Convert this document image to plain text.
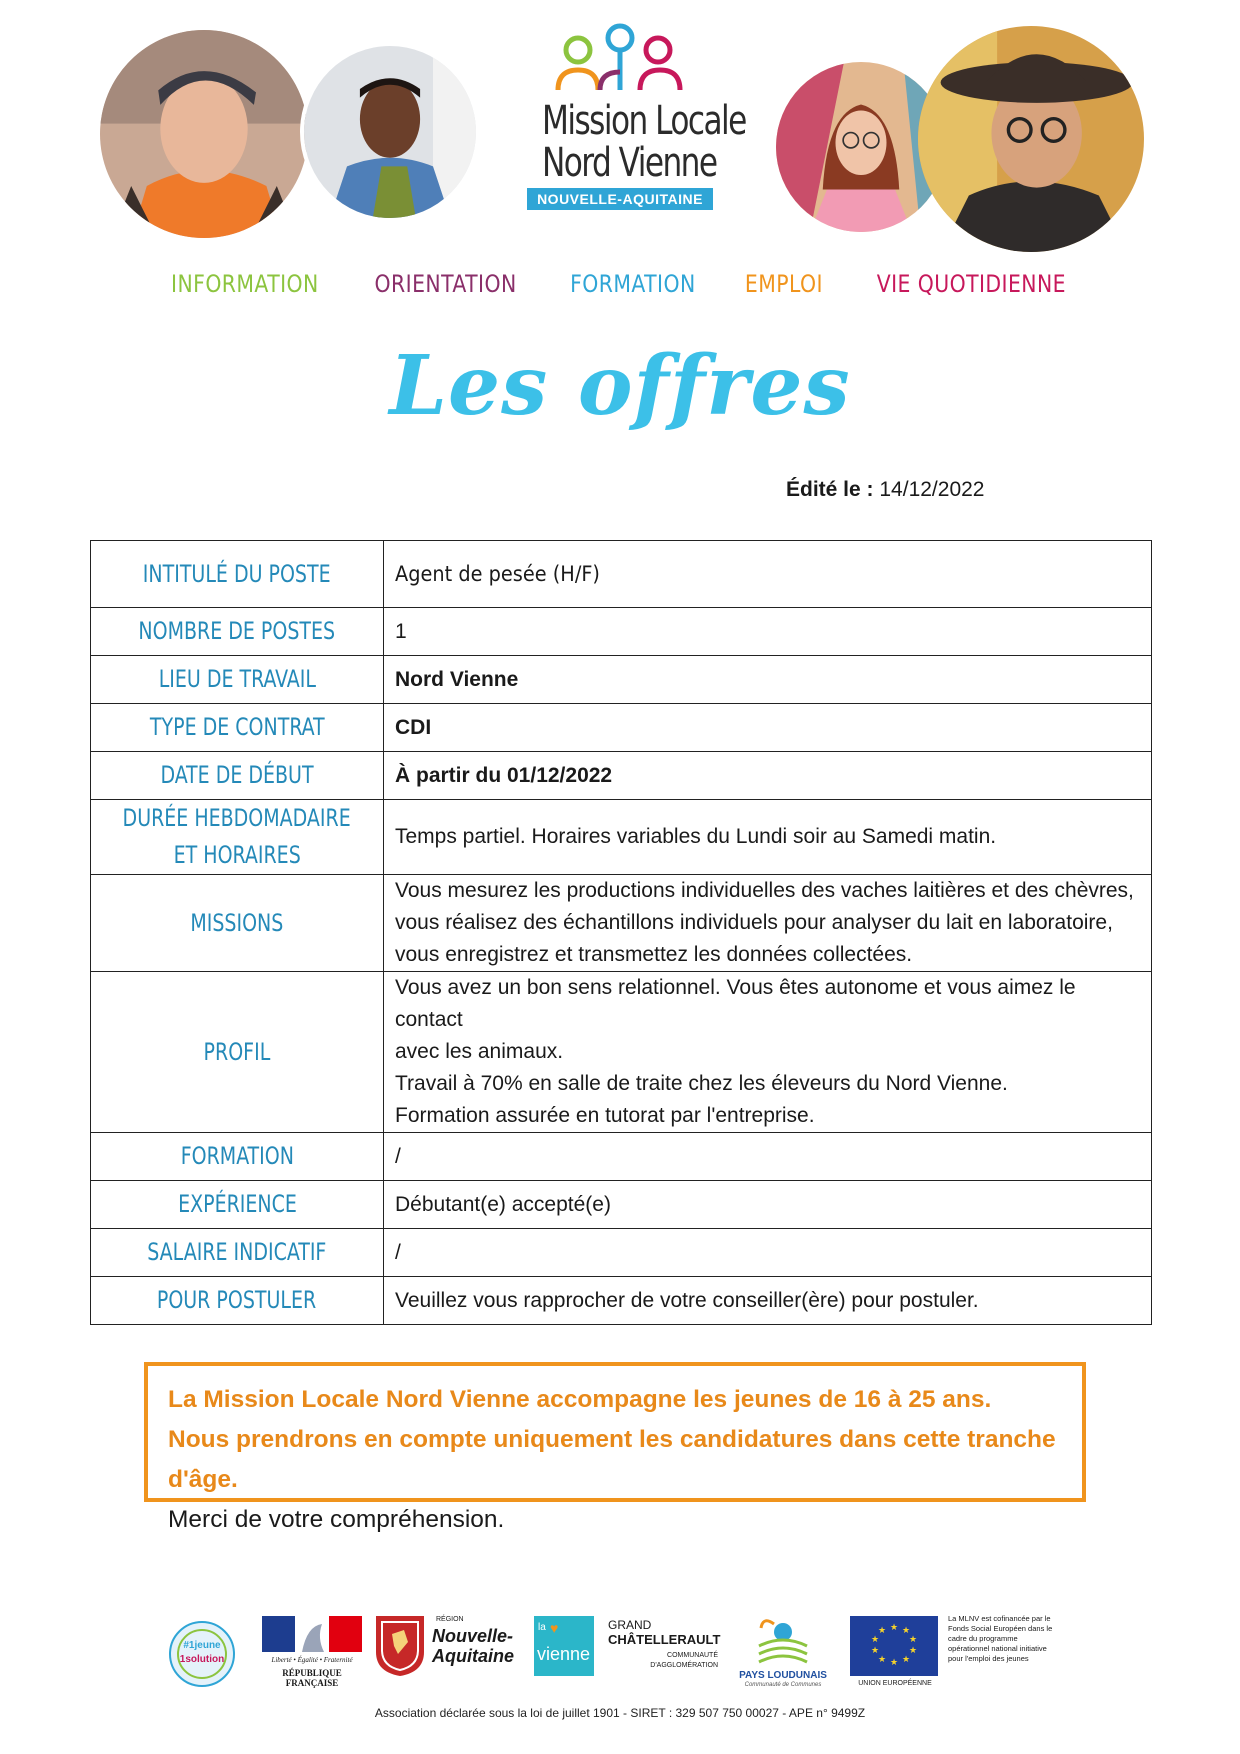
Mission Locale
Nord Vienne
NOUVELLE-AQUITAINE
INFORMATION ORIENTATION FORMATION EMPLOI VIE QUOTIDIENNE
Les offres
Édité le : 14/12/2022
INTITULÉ DU POSTE	Agent de pesée (H/F)
NOMBRE DE POSTES	1
LIEU DE TRAVAIL	Nord Vienne
TYPE DE CONTRAT	CDI
DATE DE DÉBUT	À partir du 01/12/2022
DURÉE HEBDOMADAIRE
ET HORAIRES	Temps partiel. Horaires variables du Lundi soir au Samedi matin.
MISSIONS	Vous mesurez les productions individuelles des vaches laitières et des chèvres,
vous réalisez des échantillons individuels pour analyser du lait en laboratoire,
vous enregistrez et transmettez les données collectées.

PROFIL	Vous avez un bon sens relationnel. Vous êtes autonome et vous aimez le contact
avec les animaux.
Travail à 70% en salle de traite chez les éleveurs du Nord Vienne.
Formation assurée en tutorat par l'entreprise.

FORMATION	/
EXPÉRIENCE	Débutant(e) accepté(e)
SALAIRE INDICATIF	/
POUR POSTULER	Veuillez vous rapprocher de votre conseiller(ère) pour postuler.
La Mission Locale Nord Vienne accompagne les jeunes de 16 à 25 ans.
Nous prendrons en compte uniquement les candidatures dans cette tranche d'âge.
Merci de votre compréhension.
#1jeune
1solution	Liberté • Égalité • Fraternité
RÉPUBLIQUE FRANÇAISE
RÉGION
Nouvelle-
Aquitaine
la ♥
vienne
GRAND
CHÂTELLERAULT
COMMUNAUTÉ
D'AGGLOMÉRATION
PAYS LOUDUNAIS
Communauté de Communes
★ ★
★
★
★
★
★
★
★
★
UNION EUROPÉENNE
La MLNV est cofinancée par le
Fonds Social Européen dans le
cadre du programme
opérationnel national initiative
pour l'emploi des jeunes
Association déclarée sous la loi de juillet 1901 - SIRET : 329 507 750 00027 - APE n° 9499Z
